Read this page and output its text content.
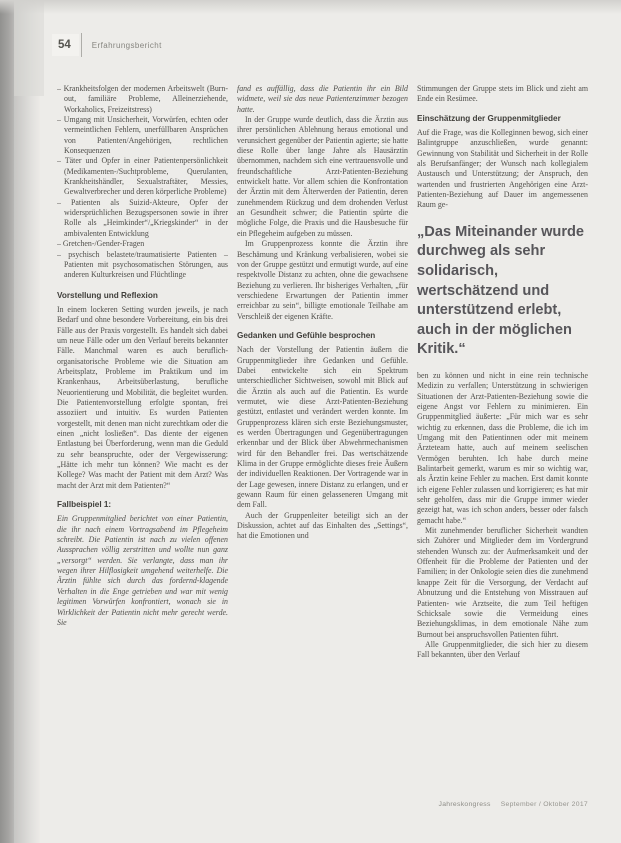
54	Erfahrungsbericht
– Krankheitsfolgen der modernen Arbeitswelt (Burn-out, familiäre Probleme, Alleinerziehende, Workaholics, Freizeitstress)
– Umgang mit Unsicherheit, Vorwürfen, echten oder vermeintlichen Fehlern, unerfüllbaren Ansprüchen von Patienten/Angehörigen, rechtlichen Konsequenzen
– Täter und Opfer in einer Patientenpersönlichkeit (Medikamenten-/Suchtprobleme, Querulanten, Krankheitshändler, Sexualstraftäter, Messies, Gewaltverbrecher und deren körperliche Probleme)
– Patienten als Suizid-Akteure, Opfer der widersprüchlichen Bezugspersonen sowie in ihrer Rolle als „Heimkinder“/„Kriegskinder“ in der ambivalenten Entwicklung
– Gretchen-/Gender-Fragen
– psychisch belastete/traumatisierte Patienten – Patienten mit psychosomatischen Störungen, aus anderen Kulturkreisen und Flüchtlinge
Vorstellung und Reflexion
In einem lockeren Setting wurden jeweils, je nach Bedarf und ohne besondere Vorbereitung, ein bis drei Fälle aus der Praxis vorgestellt. Es handelt sich dabei um neue Fälle oder um den Verlauf bereits bekannter Fälle. Manchmal waren es auch beruflich-organisatorische Probleme wie die Situation am Arbeitsplatz, Probleme im Praktikum und im Krankenhaus, Arbeitsüberlastung, berufliche Neuorientierung und Mobilität, die begleitet wurden. Die Patientenvorstellung erfolgte spontan, frei assoziiert und intuitiv. Es wurden Patienten vorgestellt, mit denen man nicht zurechtkam oder die einen „nicht losließen“. Das diente der eigenen Entlastung bei Überforderung, wenn man die Geduld zu sehr beanspruchte, oder der Vergewisserung: „Hätte ich mehr tun können? Wie macht es der Kollege? Was macht der Patient mit dem Arzt? Was macht der Arzt mit dem Patienten?“
Fallbeispiel 1:
Ein Gruppenmitglied berichtet von einer Patientin, die ihr nach einem Vortragsabend im Pflegeheim schreibt. Die Patientin ist nach zu vielen offenen Aussprachen völlig zerstritten und wollte nun ganz „versorgt“ werden. Sie verlangte, dass man ihr wegen ihrer Hilflosigkeit umgehend weiterhelfe. Die Ärztin fühlte sich durch das fordernd-klagende Verhalten in die Enge getrieben und war mit wenig legitimen Vorwürfen konfrontiert, wonach sie in Wirklichkeit der Patientin nicht mehr gerecht werde. Sie
fand es auffällig, dass die Patientin ihr ein Bild widmete, weil sie das neue Patientenzimmer bezogen hatte.
In der Gruppe wurde deutlich, dass die Ärztin aus ihrer persönlichen Ablehnung heraus emotional und verunsichert gegenüber der Patientin agierte; sie hatte diese Rolle über lange Jahre als Hausärztin übernommen, nachdem sich eine vertrauensvolle und freundschaftliche Arzt-Patienten-Beziehung entwickelt hatte. Vor allem schien die Konfrontation der Ärztin mit dem Älterwerden der Patientin, deren zunehmendem Rückzug und dem drohenden Verlust an Gesundheit schwer; die Patientin spürte die mögliche Folge, die Praxis und die Hausbesuche für ein Pflegeheim aufgeben zu müssen.
Im Gruppenprozess konnte die Ärztin ihre Beschämung und Kränkung verbalisieren, wobei sie von der Gruppe gestützt und ermutigt wurde, auf eine respektvolle Distanz zu achten, ohne die gewachsene Beziehung zu verlieren. Ihr bisheriges Verhalten, „für verschiedene Erwartungen der Patientin immer erreichbar zu sein“, billigte emotionale Teilhabe am Verschleiß der eigenen Kräfte.
Gedanken und Gefühle besprochen
Nach der Vorstellung der Patientin äußern die Gruppenmitglieder ihre Gedanken und Gefühle. Dabei entwickelte sich ein Spektrum unterschiedlicher Sichtweisen, sowohl mit Blick auf die Ärztin als auch auf die Patientin. Es wurde vermutet, wie diese Arzt-Patienten-Beziehung gestützt, entlastet und verändert werden konnte. Im Gruppenprozess klären sich erste Beziehungsmuster, es werden Übertragungen und Gegenübertragungen erkennbar und der Blick über Abwehrmechanismen wird für den Behandler frei. Das wertschätzende Klima in der Gruppe ermöglichte dieses freie Äußern der individuellen Reaktionen. Der Vortragende war in der Lage gewesen, innere Distanz zu erlangen, und er gewann Raum für einen gelasseneren Umgang mit dem Fall.
Auch der Gruppenleiter beteiligt sich an der Diskussion, achtet auf das Einhalten des „Settings“, hat die Emotionen und
Stimmungen der Gruppe stets im Blick und zieht am Ende ein Resümee.
Einschätzung der Gruppenmitglieder
Auf die Frage, was die Kolleginnen bewog, sich einer Balintgruppe anzuschließen, wurde genannt: Gewinnung von Stabilität und Sicherheit in der Rolle als Berufsanfänger; der Wunsch nach kollegialem Austausch und Unterstützung; der Anspruch, den wartenden und frustrierten Angehörigen eine Arzt-Patienten-Beziehung auf Dauer im angemessenen Raum ge-
„Das Miteinander wurde durchweg als sehr solidarisch, wertschätzend und unterstützend erlebt, auch in der möglichen Kritik.“
ben zu können und nicht in eine rein technische Medizin zu verfallen; Unterstützung in schwierigen Situationen der Arzt-Patienten-Beziehung sowie die eigene Angst vor Fehlern zu minimieren. Ein Gruppenmitglied äußerte: „Für mich war es sehr wichtig zu erkennen, dass die Probleme, die ich im Umgang mit den Patientinnen oder mit meinem Ärzteteam hatte, auch auf meinem seelischen Vermögen beruhten. Ich habe durch meine Balintarbeit gemerkt, warum es mir so wichtig war, als Ärztin keine Fehler zu machen. Erst damit konnte ich eigene Fehler zulassen und korrigieren; es hat mir sehr geholfen, dass mir die Gruppe immer wieder gezeigt hat, was ich schon anders, besser oder falsch gemacht habe.“
Mit zunehmender beruflicher Sicherheit wandten sich Zuhörer und Mitglieder dem im Vordergrund stehenden Wunsch zu: der Aufmerksamkeit und der Offenheit für die Probleme der Patienten und der Familien; in der Onkologie seien dies die zunehmend knappe Zeit für die Versorgung, der Verdacht auf Abnutzung und die Entstehung von Misstrauen auf Patienten- wie Arztseite, die zum Teil heftigen Schicksale sowie die Vermeidung eines Beziehungsklimas, in dem emotionale Nähe zum Burnout bei anspruchsvollen Patienten führt.
Alle Gruppenmitglieder, die sich hier zu diesem Fall bekannten, über den Verlauf
Jahreskongress September / Oktober 2017
